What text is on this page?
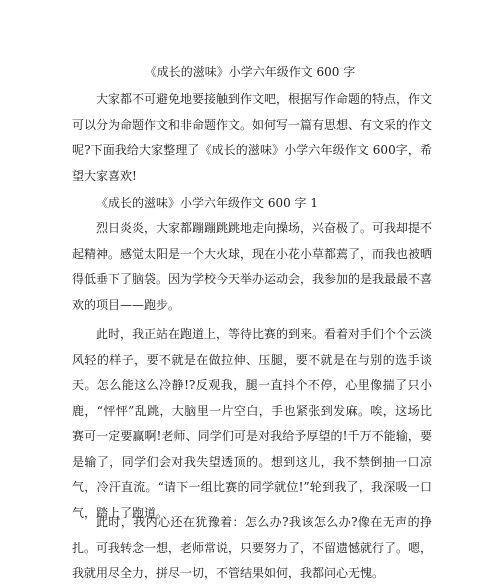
《成长的滋味》小学六年级作文 600 字

大家都不可避免地要接触到作文吧，根据写作命题的特点，作文可以分为命题作文和非命题作文。如何写一篇有思想、有文采的作文呢?下面我给大家整理了《成长的滋味》小学六年级作文 600字，希望大家喜欢!

《成长的滋味》小学六年级作文 600 字 1

烈日炎炎，大家都蹦蹦跳跳地走向操场，兴奋极了。可我却提不起精神。感觉太阳是一个大火球，现在小花小草都蔫了，而我也被晒得低垂下了脑袋。因为学校今天举办运动会，我参加的是我最最不喜欢的项目——跑步。

此时，我正站在跑道上，等待比赛的到来。看着对手们个个云淡风轻的样子，要不就是在做拉伸、压腿，要不就是在与别的选手谈天。怎么能这么冷静!?反观我，腿一直抖个不停，心里像揣了只小鹿，“怦怦”乱跳，大脑里一片空白，手也紧张到发麻。唉，这场比赛可一定要赢啊!老师、同学们可是对我给予厚望的!千万不能输，要是输了，同学们会对我失望透顶的。想到这儿，我不禁倒抽一口凉气，冷汗直流。“请下一组比赛的同学就位!”轮到我了，我深吸一口气，踏上了跑道。

此时，我内心还在犹豫着：怎么办?我该怎么办?像在无声的挣扎。可我转念一想，老师常说，只要努力了，不留遗憾就行了。嗯，我就用尽全力，拼尽一切，不管结果如何，我都问心无愧。
